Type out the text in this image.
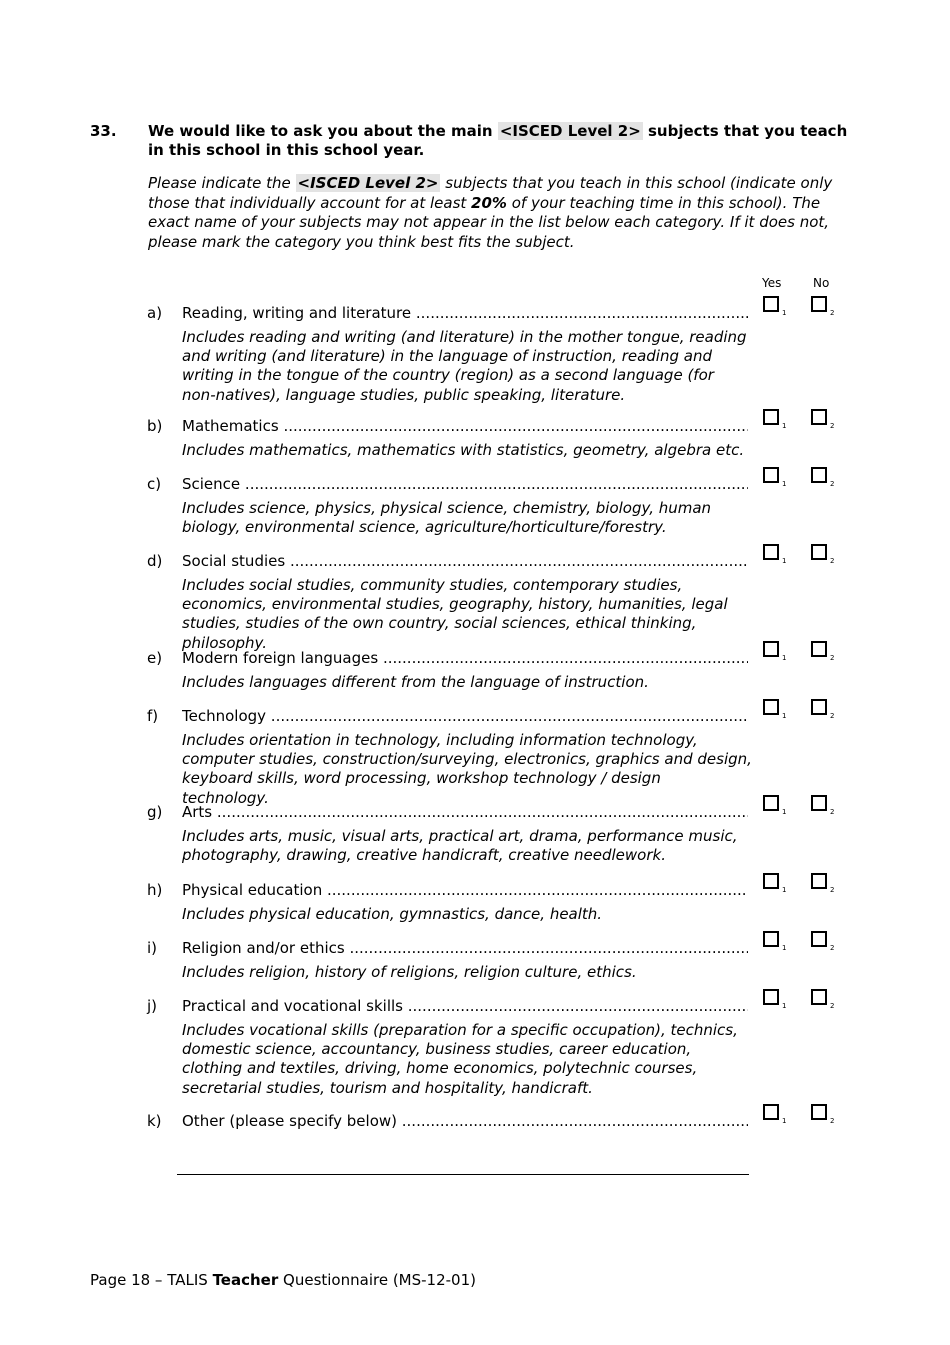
33. We would like to ask you about the main <ISCED Level 2> subjects that you teach in this school in this school year.
Please indicate the <ISCED Level 2> subjects that you teach in this school (indicate only those that individually account for at least 20% of your teaching time in this school). The exact name of your subjects may not appear in the list below each category. If it does not, please mark the category you think best fits the subject.
Yes	No
a) Reading, writing and literature .....	1	2
Includes reading and writing (and literature) in the mother tongue, reading and writing (and literature) in the language of instruction, reading and writing in the tongue of the country (region) as a second language (for non-natives), language studies, public speaking, literature.
b) Mathematics .....	1	2
Includes mathematics, mathematics with statistics, geometry, algebra etc.
c) Science .....	1	2
Includes science, physics, physical science, chemistry, biology, human biology, environmental science, agriculture/horticulture/forestry.
d) Social studies .....	1	2
Includes social studies, community studies, contemporary studies, economics, environmental studies, geography, history, humanities, legal studies, studies of the own country, social sciences, ethical thinking, philosophy.
e) Modern foreign languages .....	1	2
Includes languages different from the language of instruction.
f) Technology .....	1	2
Includes orientation in technology, including information technology, computer studies, construction/surveying, electronics, graphics and design, keyboard skills, word processing, workshop technology / design technology.
g) Arts .....	1	2
Includes arts, music, visual arts, practical art, drama, performance music, photography, drawing, creative handicraft, creative needlework.
h) Physical education .....	1	2
Includes physical education, gymnastics, dance, health.
i) Religion and/or ethics .....	1	2
Includes religion, history of religions, religion culture, ethics.
j) Practical and vocational skills .....	1	2
Includes vocational skills (preparation for a specific occupation), technics, domestic science, accountancy, business studies, career education, clothing and textiles, driving, home economics, polytechnic courses, secretarial studies, tourism and hospitality, handicraft.
k) Other (please specify below) .....	1	2
Page 18 – TALIS Teacher Questionnaire (MS-12-01)
